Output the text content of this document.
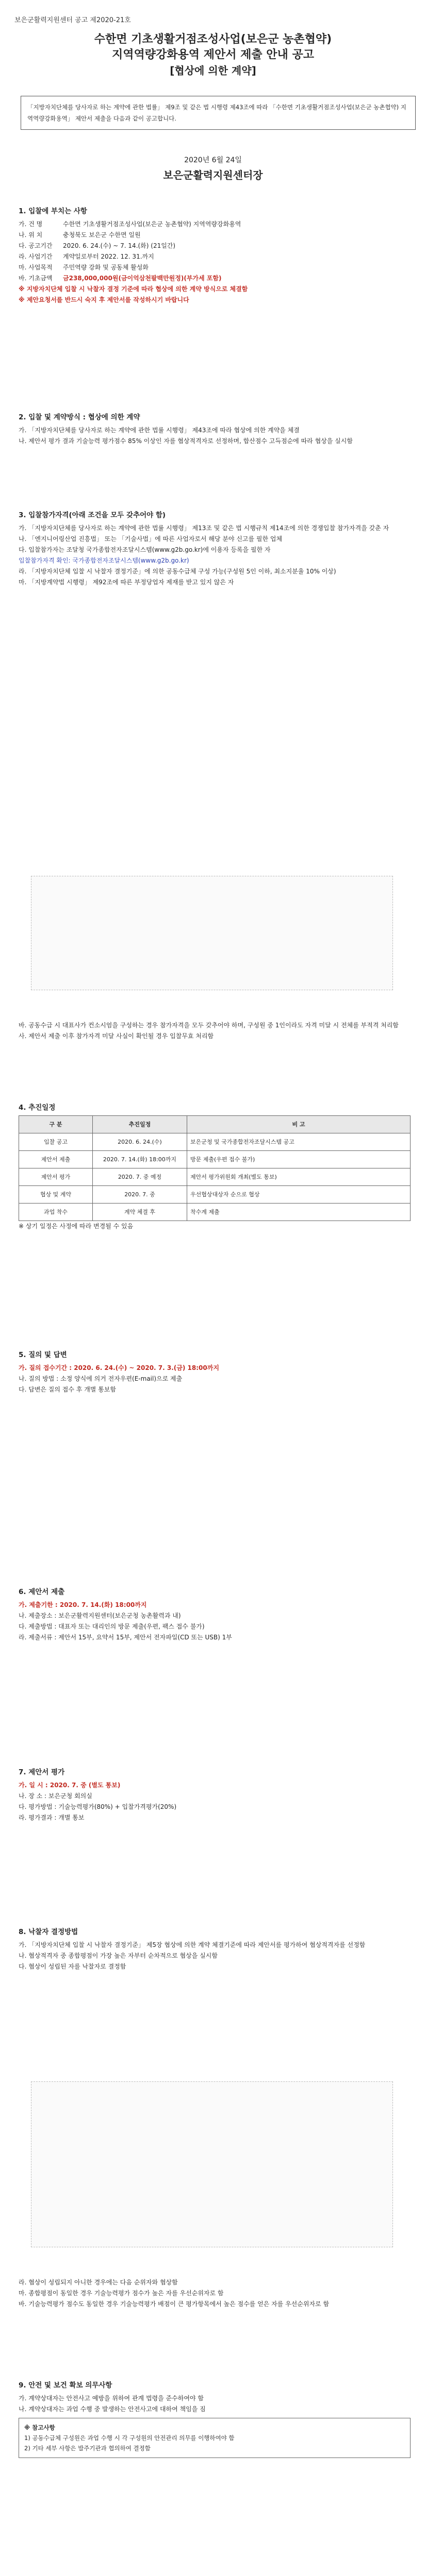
보은군활력지원센터 공고 제2020-21호
수한면 기초생활거점조성사업(보은군 농촌협약)
지역역량강화용역 제안서 제출 안내 공고
[협상에 의한 계약]
「지방자치단체를 당사자로 하는 계약에 관한 법률」 제9조 및 같은 법 시행령 제43조에 따라 「수한면 기초생활거점조성사업(보은군 농촌협약) 지역역량강화용역」 제안서 제출을 다음과 같이 공고합니다.
2020년 6월 24일
보은군활력지원센터장
1. 입찰에 부치는 사항
가. 건 명	수한면 기초생활거점조성사업(보은군 농촌협약) 지역역량강화용역
나. 위 치	충청북도 보은군 수한면 일원
다. 공고기간	2020. 6. 24.(수) ~ 7. 14.(화) (21일간)
라. 사업기간	계약일로부터 2022. 12. 31.까지
마. 사업목적	주민역량 강화 및 공동체 활성화
바. 기초금액	금238,000,000원(금이억삼천팔백만원정)(부가세 포함)

※ 지방자치단체 입찰 시 낙찰자 결정 기준에 따라 협상에 의한 계약 방식으로 체결함

※ 제안요청서를 반드시 숙지 후 제안서를 작성하시기 바랍니다

2. 입찰 및 계약방식 : 협상에 의한 계약

가. 「지방자치단체를 당사자로 하는 계약에 관한 법률 시행령」 제43조에 따라 협상에 의한 계약을 체결

나. 제안서 평가 결과 기술능력 평가점수 85% 이상인 자를 협상적격자로 선정하며, 합산점수 고득점순에 따라 협상을 실시함

3. 입찰참가자격(아래 조건을 모두 갖추어야 함)

가. 「지방자치단체를 당사자로 하는 계약에 관한 법률 시행령」 제13조 및 같은 법 시행규칙 제14조에 의한 경쟁입찰 참가자격을 갖춘 자

나. 「엔지니어링산업 진흥법」 또는 「기술사법」에 따른 사업자로서 해당 분야 신고를 필한 업체

다. 입찰참가자는 조달청 국가종합전자조달시스템(www.g2b.go.kr)에 이용자 등록을 필한 자

입찰참가자격 확인: 국가종합전자조달시스템(www.g2b.go.kr)

라. 「지방자치단체 입찰 시 낙찰자 결정기준」에 의한 공동수급체 구성 가능(구성원 5인 이하, 최소지분율 10% 이상)

마. 「지방계약법 시행령」 제92조에 따른 부정당업자 제재를 받고 있지 않은 자

바. 공동수급 시 대표사가 컨소시엄을 구성하는 경우 참가자격을 모두 갖추어야 하며, 구성원 중 1인이라도 자격 미달 시 전체를 부적격 처리함

사. 제안서 제출 이후 참가자격 미달 사실이 확인될 경우 입찰무효 처리함

4. 추진일정
구 분	추진일정	비 고
입찰 공고	2020. 6. 24.(수)	보은군청 및 국가종합전자조달시스템 공고
제안서 제출	2020. 7. 14.(화) 18:00까지	방문 제출(우편 접수 불가)
제안서 평가	2020. 7. 중 예정	제안서 평가위원회 개최(별도 통보)
협상 및 계약	2020. 7. 중	우선협상대상자 순으로 협상
과업 착수	계약 체결 후	착수계 제출

※ 상기 일정은 사정에 따라 변경될 수 있음

5. 질의 및 답변

가. 질의 접수기간 : 2020. 6. 24.(수) ~ 2020. 7. 3.(금) 18:00까지

나. 질의 방법 : 소정 양식에 의거 전자우편(E-mail)으로 제출

다. 답변은 질의 접수 후 개별 통보함

6. 제안서 제출

가. 제출기한 : 2020. 7. 14.(화) 18:00까지

나. 제출장소 : 보은군활력지원센터(보은군청 농촌활력과 내)

다. 제출방법 : 대표자 또는 대리인의 방문 제출(우편, 팩스 접수 불가)

라. 제출서류 : 제안서 15부, 요약서 15부, 제안서 전자파일(CD 또는 USB) 1부

7. 제안서 평가

가. 일 시 : 2020. 7. 중 (별도 통보)

나. 장 소 : 보은군청 회의실

다. 평가방법 : 기술능력평가(80%) + 입찰가격평가(20%)

라. 평가결과 : 개별 통보

8. 낙찰자 결정방법

가. 「지방자치단체 입찰 시 낙찰자 결정기준」 제5장 협상에 의한 계약 체결기준에 따라 제안서를 평가하여 협상적격자를 선정함

나. 협상적격자 중 종합평점이 가장 높은 자부터 순차적으로 협상을 실시함

다. 협상이 성립된 자를 낙찰자로 결정함

라. 협상이 성립되지 아니한 경우에는 다음 순위자와 협상함

마. 종합평점이 동일한 경우 기술능력평가 점수가 높은 자를 우선순위자로 함

바. 기술능력평가 점수도 동일한 경우 기술능력평가 배점이 큰 평가항목에서 높은 점수를 얻은 자를 우선순위자로 함

9. 안전 및 보건 확보 의무사항

가. 계약상대자는 안전사고 예방을 위하여 관계 법령을 준수하여야 함

나. 계약상대자는 과업 수행 중 발생하는 안전사고에 대하여 책임을 짐

※ 참고사항

1) 공동수급체 구성원은 과업 수행 시 각 구성원의 안전관리 의무를 이행하여야 함

2) 기타 세부 사항은 발주기관과 협의하여 결정함
